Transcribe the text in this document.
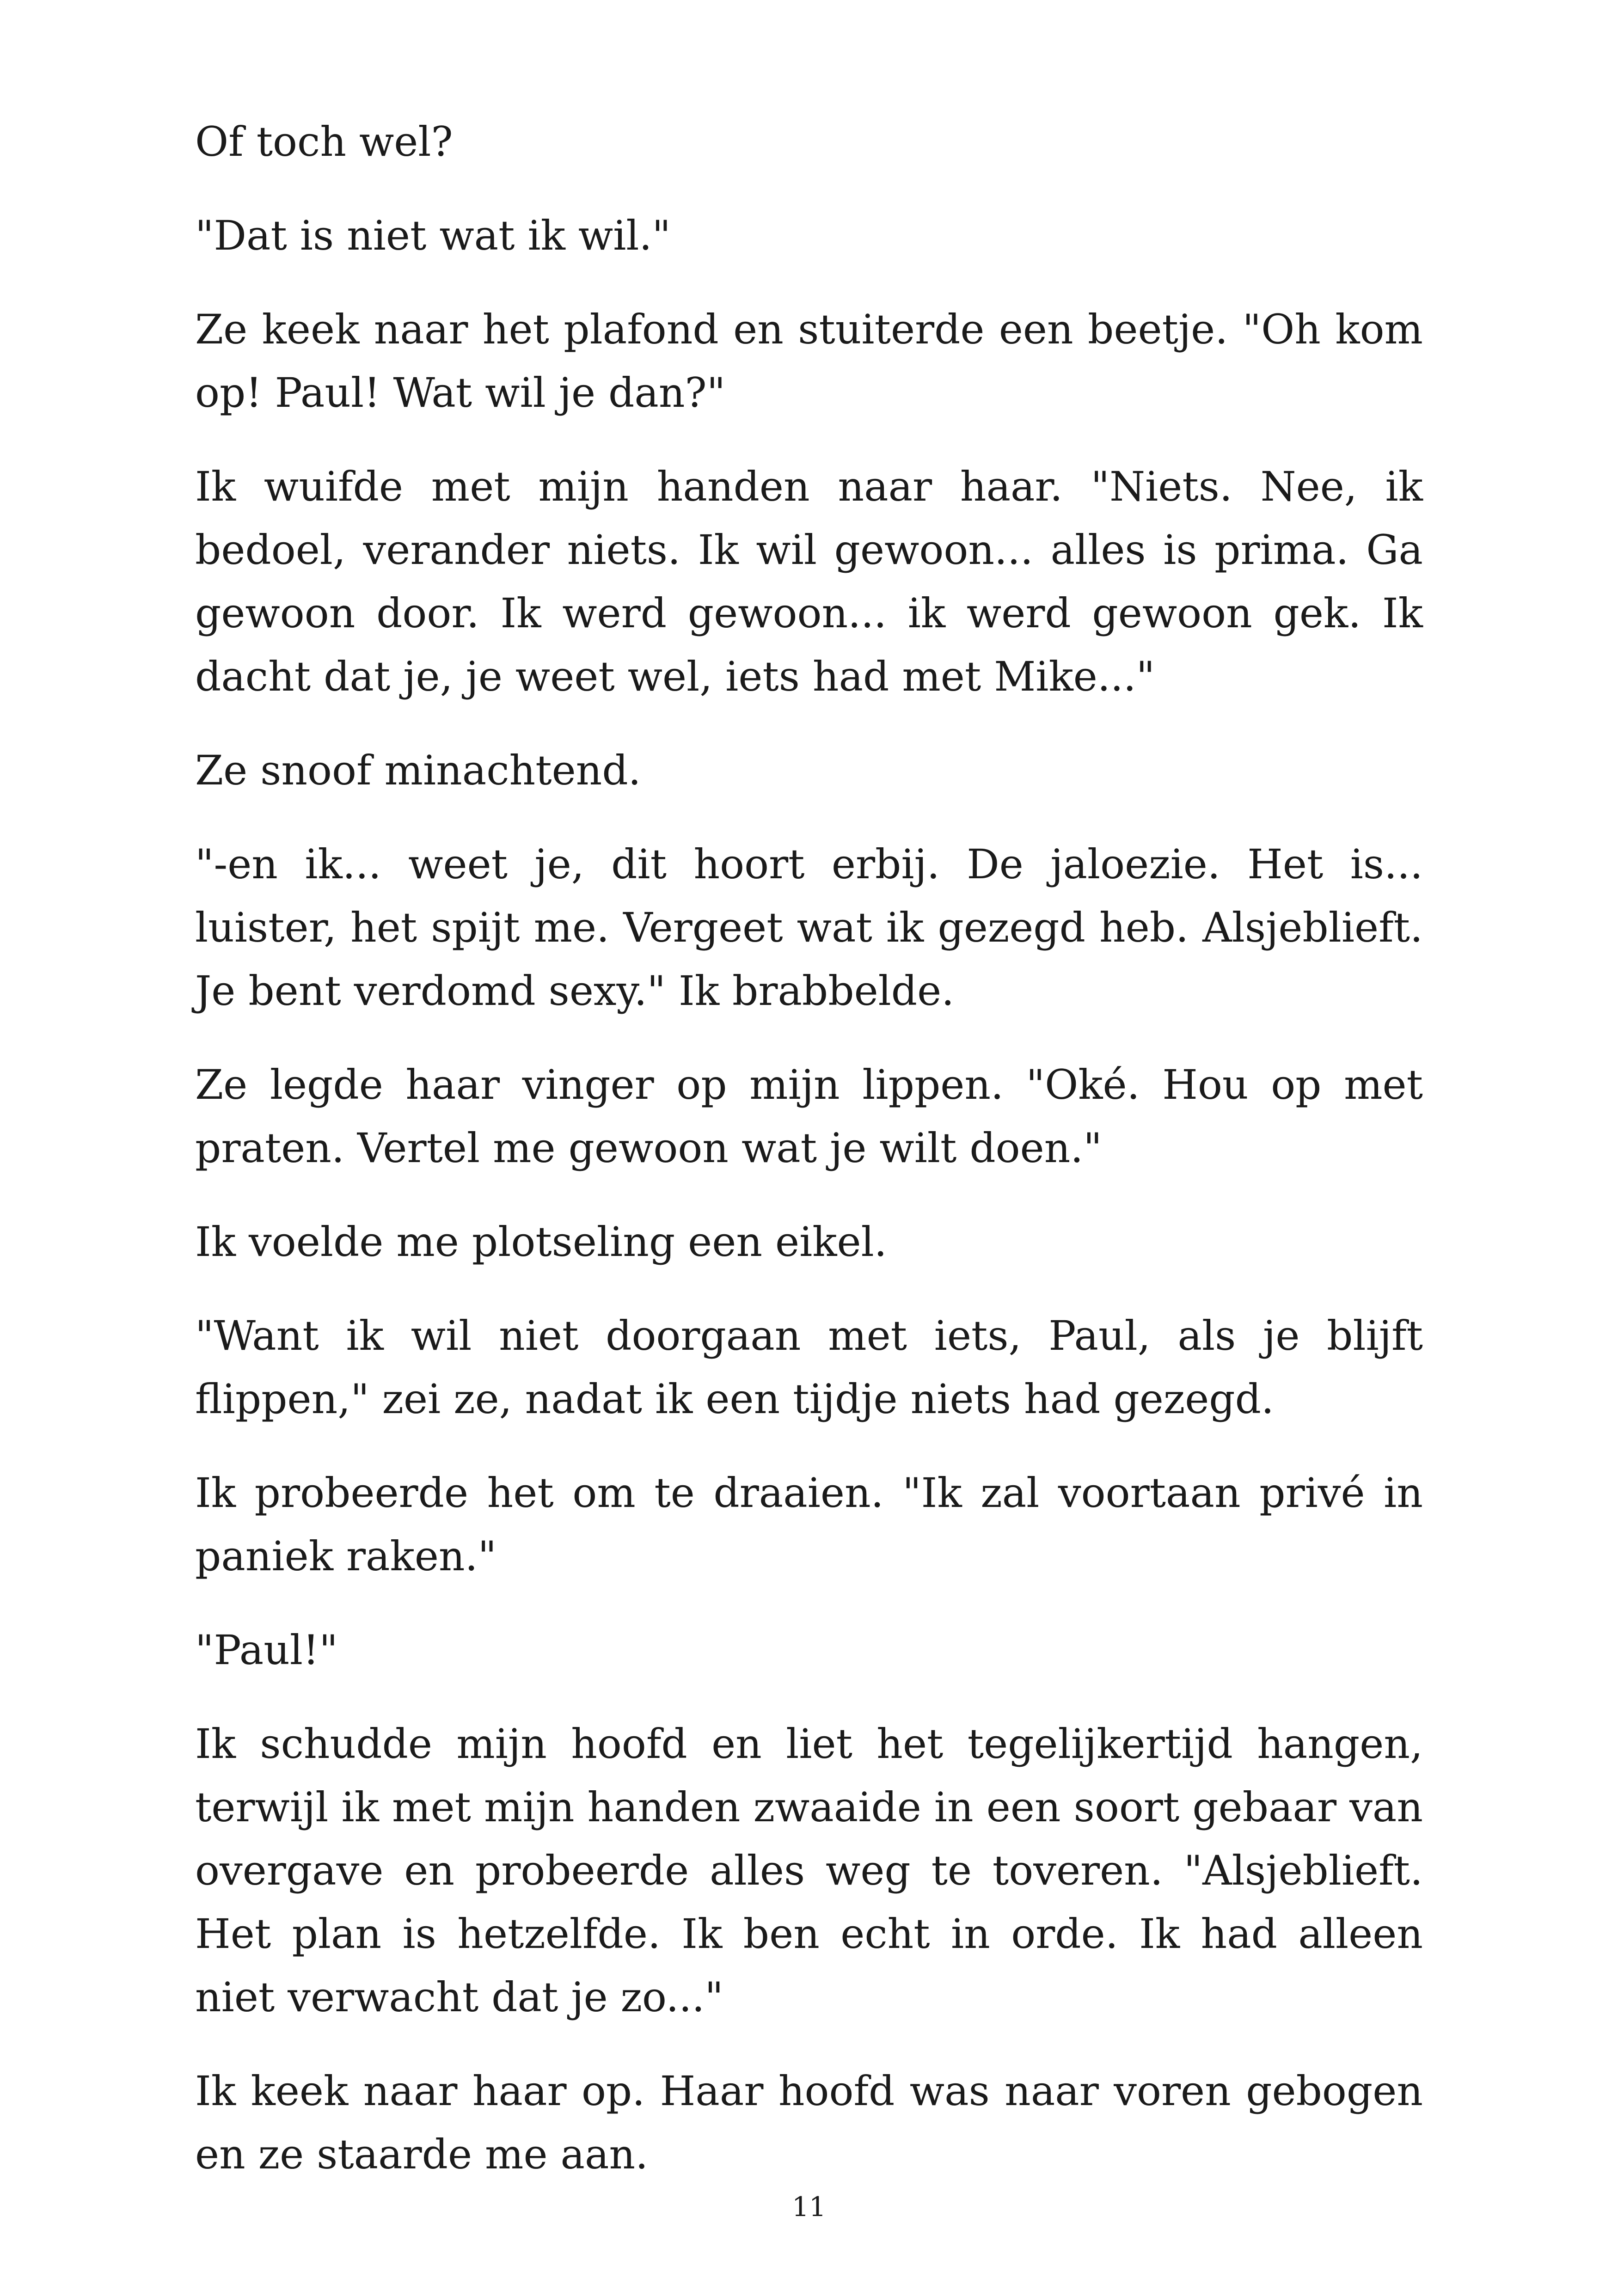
Of toch wel?

"Dat is niet wat ik wil."

Ze keek naar het plafond en stuiterde een beetje. "Oh kom op! Paul! Wat wil je dan?"

Ik wuifde met mijn handen naar haar. "Niets. Nee, ik bedoel, verander niets. Ik wil gewoon... alles is prima. Ga gewoon door. Ik werd gewoon... ik werd gewoon gek. Ik dacht dat je, je weet wel, iets had met Mike..."

Ze snoof minachtend.

"-en ik... weet je, dit hoort erbij. De jaloezie. Het is... luister, het spijt me. Vergeet wat ik gezegd heb. Alsjeblieft. Je bent verdomd sexy." Ik brabbelde.

Ze legde haar vinger op mijn lippen. "Oké. Hou op met praten. Vertel me gewoon wat je wilt doen."

Ik voelde me plotseling een eikel.

"Want ik wil niet doorgaan met iets, Paul, als je blijft flippen," zei ze, nadat ik een tijdje niets had gezegd.

Ik probeerde het om te draaien. "Ik zal voortaan privé in paniek raken."

"Paul!"

Ik schudde mijn hoofd en liet het tegelijkertijd hangen, terwijl ik met mijn handen zwaaide in een soort gebaar van overgave en probeerde alles weg te toveren. "Alsjeblieft. Het plan is hetzelfde. Ik ben echt in orde. Ik had alleen niet verwacht dat je zo..."

Ik keek naar haar op. Haar hoofd was naar voren gebogen en ze staarde me aan.

11
